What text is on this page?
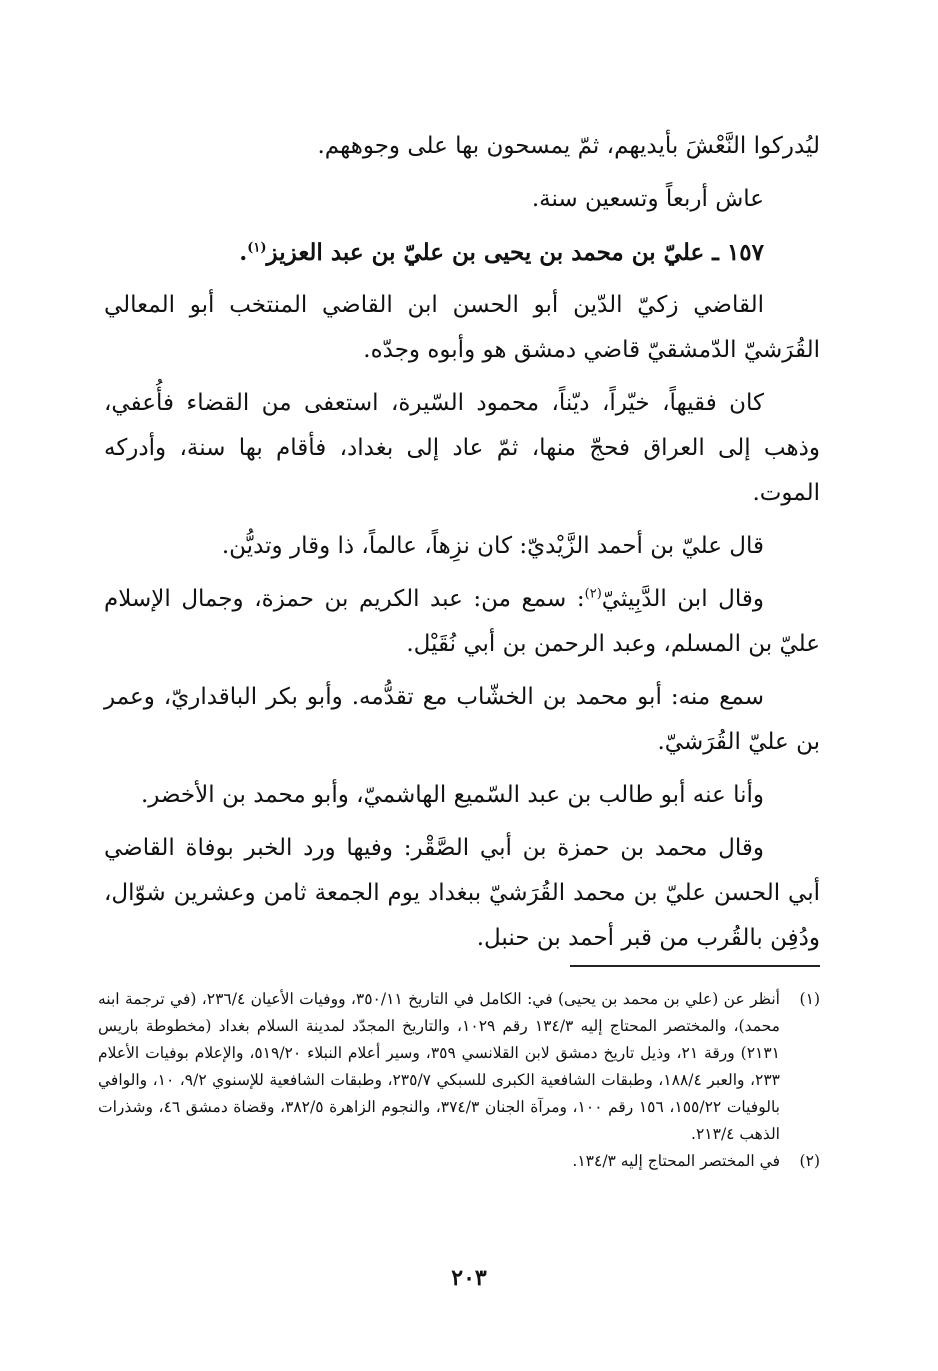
ليُدركوا النَّعْشَ بأيديهم، ثمّ يمسحون بها على وجوههم.

عاش أربعاً وتسعين سنة.

١٥٧ ـ عليّ بن محمد بن يحيى بن عليّ بن عبد العزيز$^{(١)}$.

القاضي زكيّ الدّين أبو الحسن ابن القاضي المنتخب أبو المعالي القُرَشيّ الدّمشقيّ قاضي دمشق هو وأبوه وجدّه.

كان فقيهاً، خيّراً، ديّناً، محمود السّيرة، استعفى من القضاء فأُعفي، وذهب إلى العراق فحجّ منها، ثمّ عاد إلى بغداد، فأقام بها سنة، وأدركه الموت.

قال عليّ بن أحمد الزَّيْديّ: كان نزِهاً، عالماً، ذا وقار وتديُّن.

وقال ابن الدَّبِيثيّ$^{(٢)}$: سمع من: عبد الكريم بن حمزة، وجمال الإسلام عليّ بن المسلم، وعبد الرحمن بن أبي نُقَيْل.

سمع منه: أبو محمد بن الخشّاب مع تقدُّمه. وأبو بكر الباقداريّ، وعمر بن عليّ القُرَشيّ.

وأنا عنه أبو طالب بن عبد السّميع الهاشميّ، وأبو محمد بن الأخضر.

وقال محمد بن حمزة بن أبي الصَّقْر: وفيها ورد الخبر بوفاة القاضي أبي الحسن عليّ بن محمد القُرَشيّ ببغداد يوم الجمعة ثامن وعشرين شوّال، ودُفِن بالقُرب من قبر أحمد بن حنبل.

(١)
أنظر عن (علي بن محمد بن يحيى) في: الكامل في التاريخ ٣٥٠/١١، ووفيات الأعيان ٢٣٦/٤، (في ترجمة ابنه محمد)، والمختصر المحتاج إليه ١٣٤/٣ رقم ١٠٢٩، والتاريخ المجدّد لمدينة السلام بغداد (مخطوطة باريس ٢١٣١) ورقة ٢١، وذيل تاريخ دمشق لابن القلانسي ٣٥٩، وسير أعلام النبلاء ٥١٩/٢٠، والإعلام بوفيات الأعلام ٢٣٣، والعبر ١٨٨/٤، وطبقات الشافعية الكبرى للسبكي ٢٣٥/٧، وطبقات الشافعية للإسنوي ٩/٢، ١٠، والوافي بالوفيات ١٥٥/٢٢، ١٥٦ رقم ١٠٠، ومرآة الجنان ٣٧٤/٣، والنجوم الزاهرة ٣٨٢/٥، وقضاة دمشق ٤٦، وشذرات الذهب ٢١٣/٤.
(٢)
في المختصر المحتاج إليه ١٣٤/٣.
٢٠٣
